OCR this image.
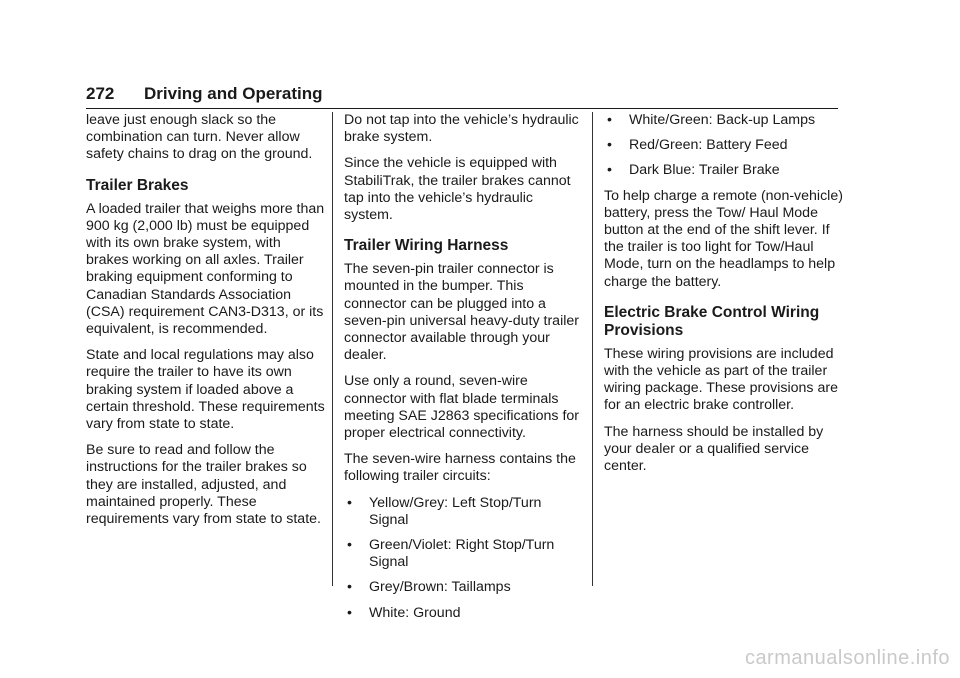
272 Driving and Operating

leave just enough slack so the combination can turn. Never allow safety chains to drag on the ground.

Trailer Brakes

A loaded trailer that weighs more than 900 kg (2,000 lb) must be equipped with its own brake system, with brakes working on all axles. Trailer braking equipment conforming to Canadian Standards Association (CSA) requirement CAN3-D313, or its equivalent, is recommended.

State and local regulations may also require the trailer to have its own braking system if loaded above a certain threshold. These requirements vary from state to state.

Be sure to read and follow the instructions for the trailer brakes so they are installed, adjusted, and maintained properly. These requirements vary from state to state.

Do not tap into the vehicle’s hydraulic brake system.

Since the vehicle is equipped with StabiliTrak, the trailer brakes cannot tap into the vehicle’s hydraulic system.

Trailer Wiring Harness

The seven-pin trailer connector is mounted in the bumper. This connector can be plugged into a seven-pin universal heavy-duty trailer connector available through your dealer.

Use only a round, seven-wire connector with flat blade terminals meeting SAE J2863 specifications for proper electrical connectivity.

The seven-wire harness contains the following trailer circuits:

• Yellow/Grey: Left Stop/Turn Signal
• Green/Violet: Right Stop/Turn Signal
• Grey/Brown: Taillamps
• White: Ground
• White/Green: Back-up Lamps
• Red/Green: Battery Feed
• Dark Blue: Trailer Brake

To help charge a remote (non-vehicle) battery, press the Tow/ Haul Mode button at the end of the shift lever. If the trailer is too light for Tow/Haul Mode, turn on the headlamps to help charge the battery.

Electric Brake Control Wiring Provisions

These wiring provisions are included with the vehicle as part of the trailer wiring package. These provisions are for an electric brake controller.

The harness should be installed by your dealer or a qualified service center.

carmanualsonline.info
